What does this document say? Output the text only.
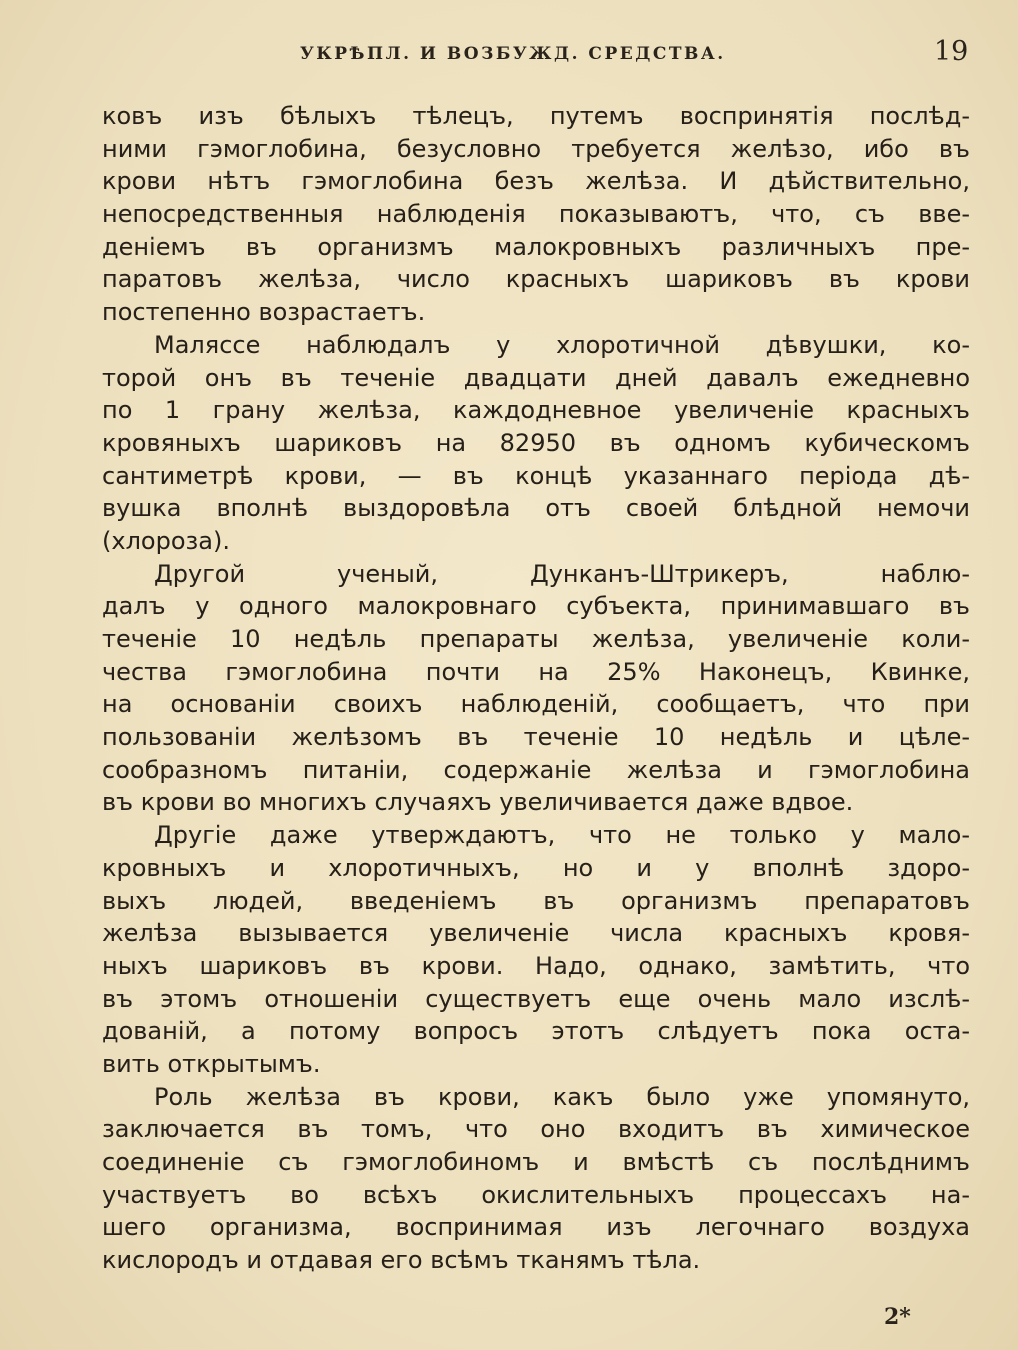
УКРѢПЛ. И ВОЗБУЖД. СРЕДСТВА.	19
ковъ изъ бѣлыхъ тѣлецъ, путемъ воспринятія послѣд-
ними гэмоглобина, безусловно требуется желѣзо, ибо въ
крови нѣтъ гэмоглобина безъ желѣза. И дѣйствительно,
непосредственныя наблюденія показываютъ, что, съ вве-
деніемъ въ организмъ малокровныхъ различныхъ пре-
паратовъ желѣза, число красныхъ шариковъ въ крови
постепенно возрастаетъ.
Маляссе наблюдалъ у хлоротичной дѣвушки, ко-
торой онъ въ теченіе двадцати дней давалъ ежедневно
по 1 грану желѣза, каждодневное увеличеніе красныхъ
кровяныхъ шариковъ на 82950 въ одномъ кубическомъ
сантиметрѣ крови, — въ концѣ указаннаго періода дѣ-
вушка вполнѣ выздоровѣла отъ своей блѣдной немочи
(хлороза).
Другой ученый, Дунканъ-Штрикеръ, наблю-
далъ у одного малокровнаго субъекта, принимавшаго въ
теченіе 10 недѣль препараты желѣза, увеличеніе коли-
чества гэмоглобина почти на 25% Наконецъ, Квинке,
на основаніи своихъ наблюденій, сообщаетъ, что при
пользованіи желѣзомъ въ теченіе 10 недѣль и цѣле-
сообразномъ питаніи, содержаніе желѣза и гэмоглобина
въ крови во многихъ случаяхъ увеличивается даже вдвое.
Другіе даже утверждаютъ, что не только у мало-
кровныхъ и хлоротичныхъ, но и у вполнѣ здоро-
выхъ людей, введеніемъ въ организмъ препаратовъ
желѣза вызывается увеличеніе числа красныхъ кровя-
ныхъ шариковъ въ крови. Надо, однако, замѣтить, что
въ этомъ отношеніи существуетъ еще очень мало изслѣ-
дованій, а потому вопросъ этотъ слѣдуетъ пока оста-
вить открытымъ.
Роль желѣза въ крови, какъ было уже упомянуто,
заключается въ томъ, что оно входитъ въ химическое
соединеніе съ гэмоглобиномъ и вмѣстѣ съ послѣднимъ
участвуетъ во всѣхъ окислительныхъ процессахъ на-
шего организма, воспринимая изъ легочнаго воздуха
кислородъ и отдавая его всѣмъ тканямъ тѣла.
2*
